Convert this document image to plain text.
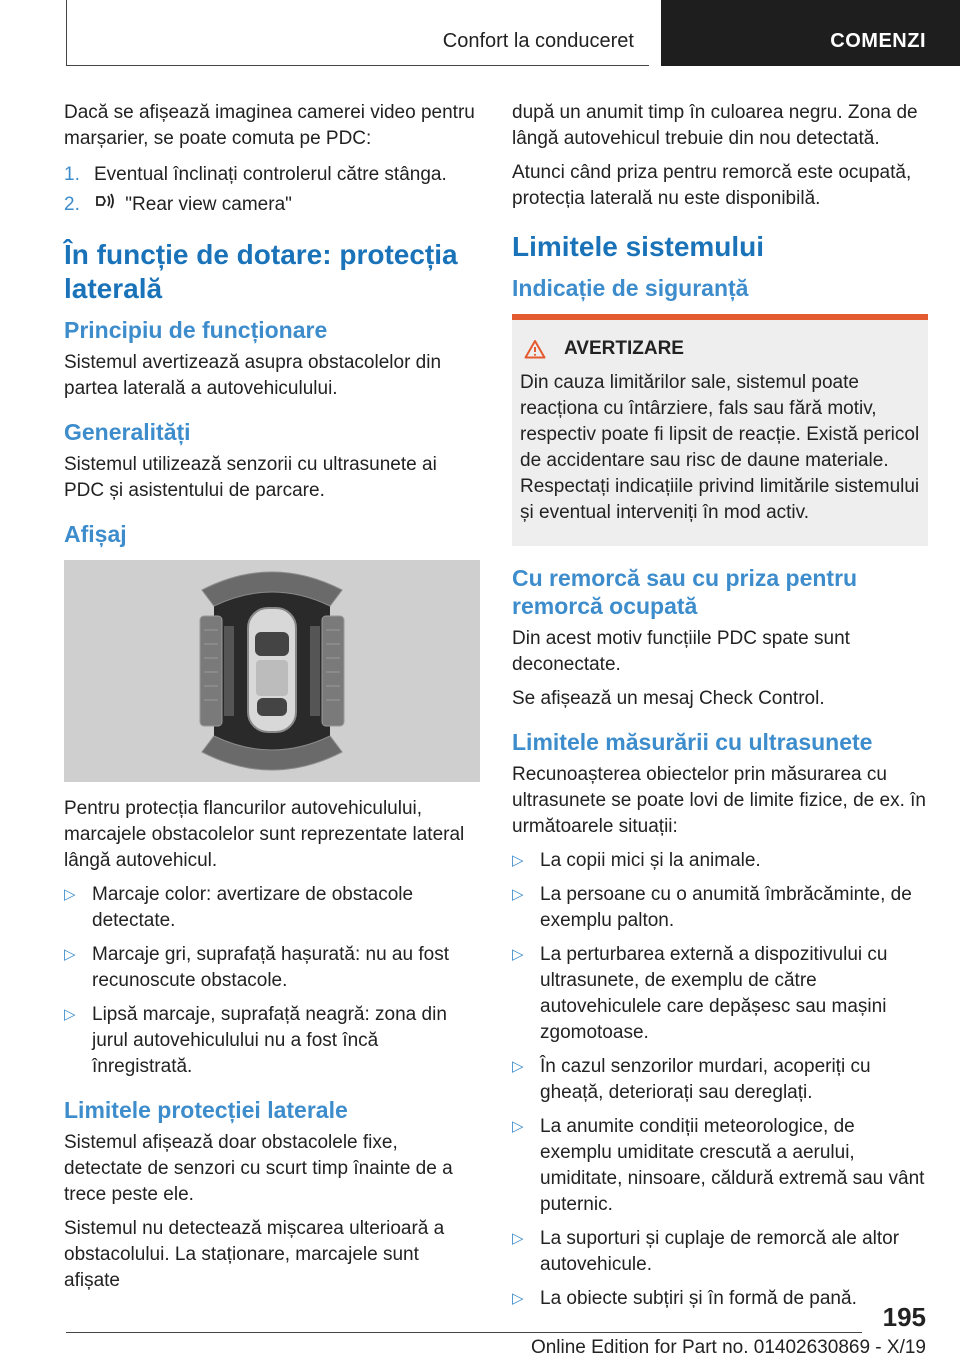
Confort la conduceret	COMENZI

Dacă se afișează imaginea camerei video pentru marșarier, se poate comuta pe PDC:

1. Eventual înclinați controlerul către stânga.
2. "Rear view camera"
În funcție de dotare: protecția laterală
Principiu de funcționare

Sistemul avertizează asupra obstacolelor din partea laterală a autovehiculului.

Generalități

Sistemul utilizează senzorii cu ultrasunete ai PDC și asistentului de parcare.

Afișaj

Pentru protecția flancurilor autovehiculului, marcajele obstacolelor sunt reprezentate lateral lângă autovehicul.

▷ Marcaje color: avertizare de obstacole detectate.
▷ Marcaje gri, suprafață hașurată: nu au fost recunoscute obstacole.
▷ Lipsă marcaje, suprafață neagră: zona din jurul autovehiculului nu a fost încă înregistrată.
Limitele protecției laterale

Sistemul afișează doar obstacolele fixe, detectate de senzori cu scurt timp înainte de a trece peste ele.

Sistemul nu detectează mișcarea ulterioară a obstacolului. La staționare, marcajele sunt afișate

după un anumit timp în culoarea negru. Zona de lângă autovehicul trebuie din nou detectată.

Atunci când priza pentru remorcă este ocupată, protecția laterală nu este disponibilă.

Limitele sistemului
Indicație de siguranță
AVERTIZARE

Din cauza limitărilor sale, sistemul poate reacționa cu întârziere, fals sau fără motiv, respectiv poate fi lipsit de reacție. Există pericol de accidentare sau risc de daune materiale. Respectați indicațiile privind limitările sistemului și eventual interveniți în mod activ.

Cu remorcă sau cu priza pentru remorcă ocupată

Din acest motiv funcțiile PDC spate sunt deconectate.

Se afișează un mesaj Check Control.

Limitele măsurării cu ultrasunete

Recunoașterea obiectelor prin măsurarea cu ultrasunete se poate lovi de limite fizice, de ex. în următoarele situații:

▷ La copii mici și la animale.
▷ La persoane cu o anumită îmbrăcăminte, de exemplu palton.
▷ La perturbarea externă a dispozitivului cu ultrasunete, de exemplu de către autovehiculele care depășesc sau mașini zgomotoase.
▷ În cazul senzorilor murdari, acoperiți cu gheață, deteriorați sau dereglați.
▷ La anumite condiții meteorologice, de exemplu umiditate crescută a aerului, umiditate, ninsoare, căldură extremă sau vânt puternic.
▷ La suporturi și cuplaje de remorcă ale altor autovehicule.
▷ La obiecte subțiri și în formă de pană.
195
Online Edition for Part no. 01402630869 - X/19
